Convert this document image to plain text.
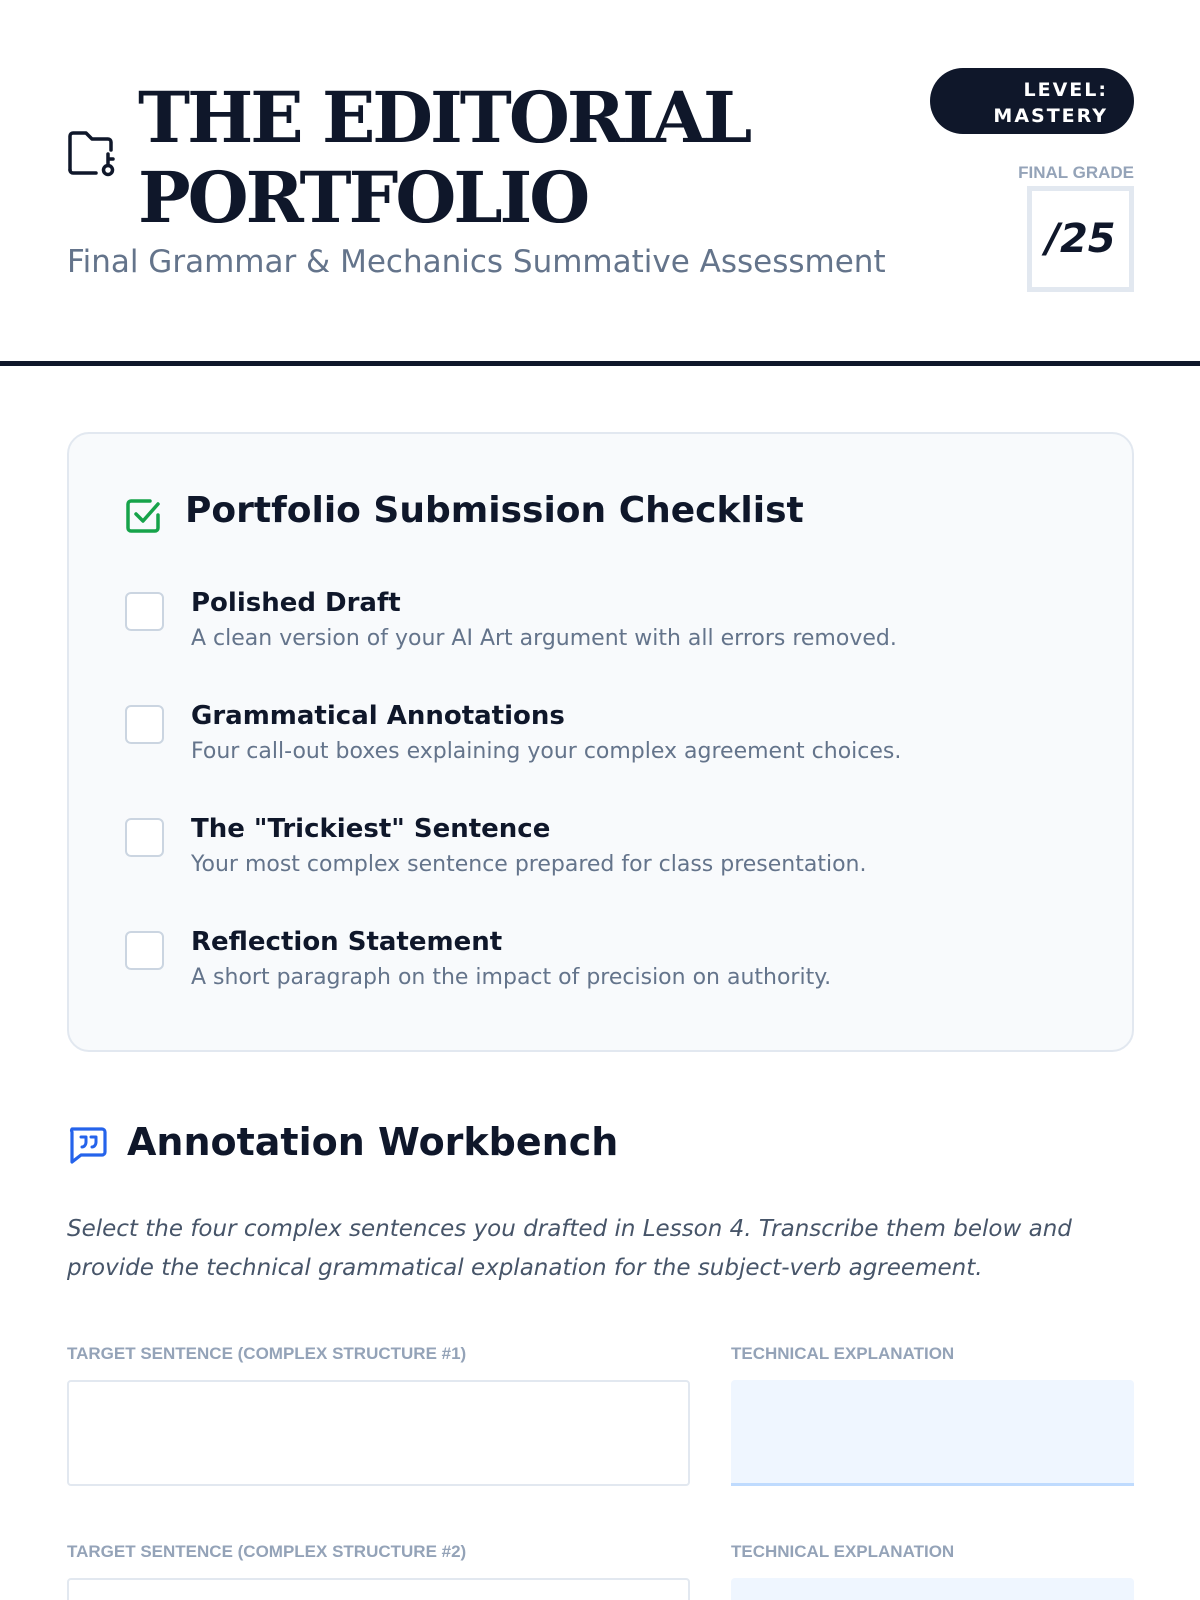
THE EDITORIAL PORTFOLIO
Final Grammar & Mechanics Summative Assessment
LEVEL: MASTERY
FINAL GRADE
/25
Portfolio Submission Checklist
Polished Draft
A clean version of your AI Art argument with all errors removed.
Grammatical Annotations
Four call-out boxes explaining your complex agreement choices.
The "Trickiest" Sentence
Your most complex sentence prepared for class presentation.
Reflection Statement
A short paragraph on the impact of precision on authority.
Annotation Workbench
Select the four complex sentences you drafted in Lesson 4. Transcribe them below and provide the technical grammatical explanation for the subject-verb agreement.
TARGET SENTENCE (COMPLEX STRUCTURE #1)	TECHNICAL EXPLANATION
TARGET SENTENCE (COMPLEX STRUCTURE #2)	TECHNICAL EXPLANATION
